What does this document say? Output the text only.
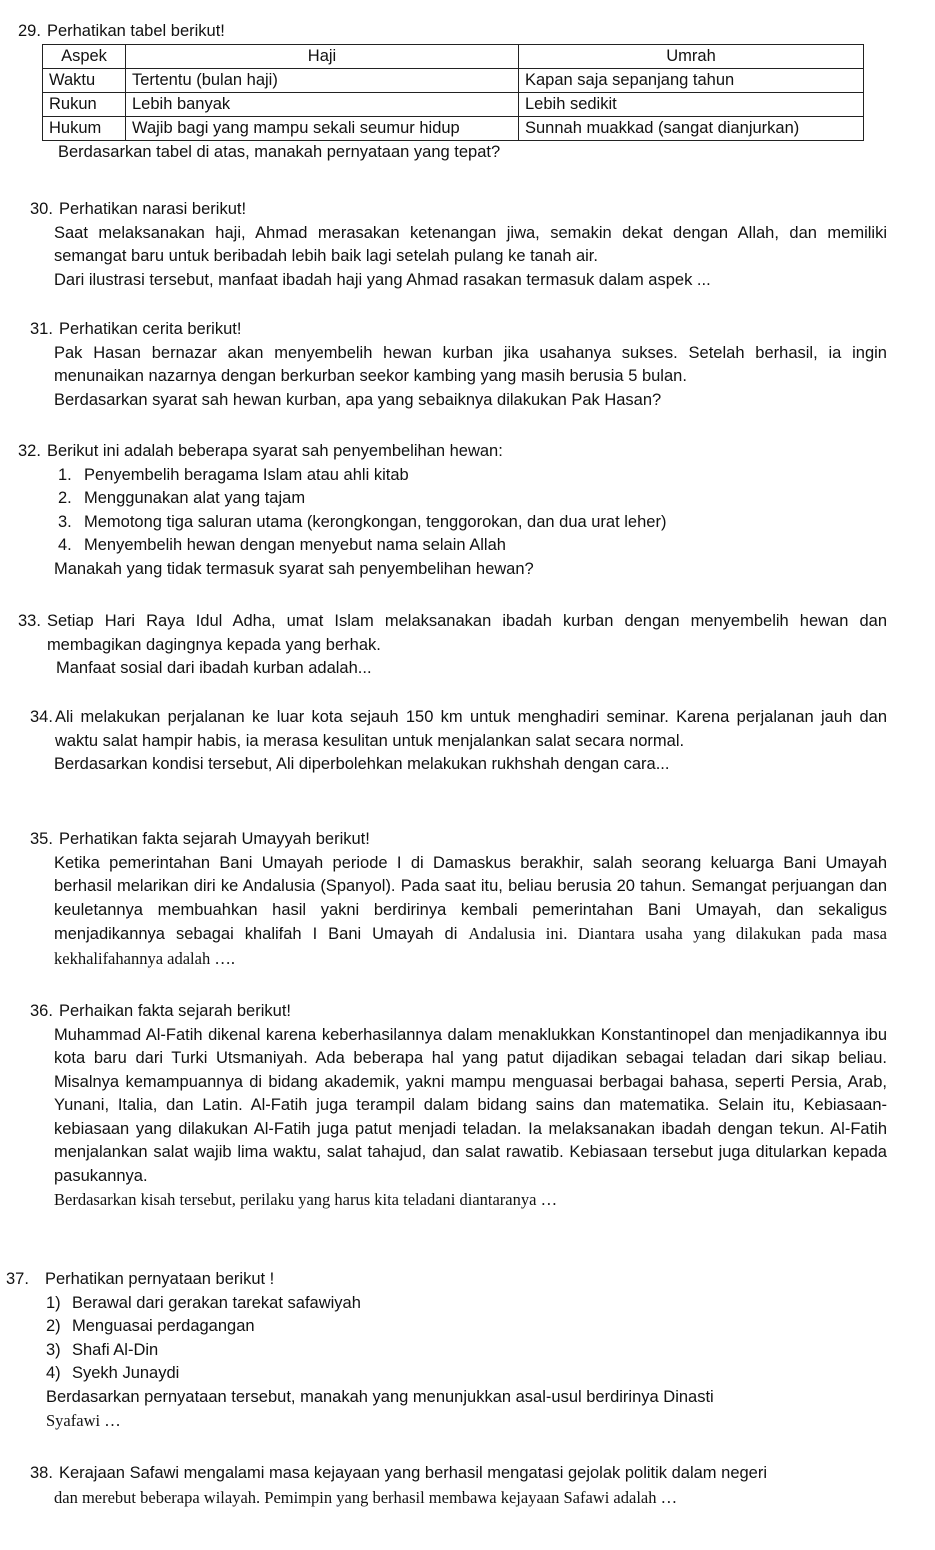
29. Perhatikan tabel berikut!
Aspek	Haji	Umrah
Waktu	Tertentu (bulan haji)	Kapan saja sepanjang tahun
Rukun	Lebih banyak	Lebih sedikit
Hukum	Wajib bagi yang mampu sekali seumur hidup	Sunnah muakkad (sangat dianjurkan)
Berdasarkan tabel di atas, manakah pernyataan yang tepat?
30. Perhatikan narasi berikut!
Saat melaksanakan haji, Ahmad merasakan ketenangan jiwa, semakin dekat dengan Allah, dan memiliki semangat baru untuk beribadah lebih baik lagi setelah pulang ke tanah air.
Dari ilustrasi tersebut, manfaat ibadah haji yang Ahmad rasakan termasuk dalam aspek ...
31. Perhatikan cerita berikut!
Pak Hasan bernazar akan menyembelih hewan kurban jika usahanya sukses. Setelah berhasil, ia ingin menunaikan nazarnya dengan berkurban seekor kambing yang masih berusia 5 bulan.
Berdasarkan syarat sah hewan kurban, apa yang sebaiknya dilakukan Pak Hasan?
32. Berikut ini adalah beberapa syarat sah penyembelihan hewan:
1. Penyembelih beragama Islam atau ahli kitab
2. Menggunakan alat yang tajam
3. Memotong tiga saluran utama (kerongkongan, tenggorokan, dan dua urat leher)
4. Menyembelih hewan dengan menyebut nama selain Allah
Manakah yang tidak termasuk syarat sah penyembelihan hewan?
33. Setiap Hari Raya Idul Adha, umat Islam melaksanakan ibadah kurban dengan menyembelih hewan dan membagikan dagingnya kepada yang berhak.
Manfaat sosial dari ibadah kurban adalah...
34. Ali melakukan perjalanan ke luar kota sejauh 150 km untuk menghadiri seminar. Karena perjalanan jauh dan waktu salat hampir habis, ia merasa kesulitan untuk menjalankan salat secara normal.
Berdasarkan kondisi tersebut, Ali diperbolehkan melakukan rukhshah dengan cara...
35. Perhatikan fakta sejarah Umayyah berikut!
Ketika pemerintahan Bani Umayah periode I di Damaskus berakhir, salah seorang keluarga Bani Umayah berhasil melarikan diri ke Andalusia (Spanyol). Pada saat itu, beliau berusia 20 tahun. Semangat perjuangan dan keuletannya membuahkan hasil yakni berdirinya kembali pemerintahan Bani Umayah, dan sekaligus menjadikannya sebagai khalifah I Bani Umayah di Andalusia ini. Diantara usaha yang dilakukan pada masa kekhalifahannya adalah ….
36. Perhaikan fakta sejarah berikut!
Muhammad Al-Fatih dikenal karena keberhasilannya dalam menaklukkan Konstantinopel dan menjadikannya ibu kota baru dari Turki Utsmaniyah. Ada beberapa hal yang patut dijadikan sebagai teladan dari sikap beliau. Misalnya kemampuannya di bidang akademik, yakni mampu menguasai berbagai bahasa, seperti Persia, Arab, Yunani, Italia, dan Latin. Al-Fatih juga terampil dalam bidang sains dan matematika. Selain itu, Kebiasaan-kebiasaan yang dilakukan Al-Fatih juga patut menjadi teladan. Ia melaksanakan ibadah dengan tekun. Al-Fatih menjalankan salat wajib lima waktu, salat tahajud, dan salat rawatib. Kebiasaan tersebut juga ditularkan kepada pasukannya.
Berdasarkan kisah tersebut, perilaku yang harus kita teladani diantaranya …
37. Perhatikan pernyataan berikut !
1) Berawal dari gerakan tarekat safawiyah
2) Menguasai perdagangan
3) Shafi Al-Din
4) Syekh Junaydi
Berdasarkan pernyataan tersebut, manakah yang menunjukkan asal-usul berdirinya Dinasti
Syafawi …
38. Kerajaan Safawi mengalami masa kejayaan yang berhasil mengatasi gejolak politik dalam negeri
dan merebut beberapa wilayah. Pemimpin yang berhasil membawa kejayaan Safawi adalah …
